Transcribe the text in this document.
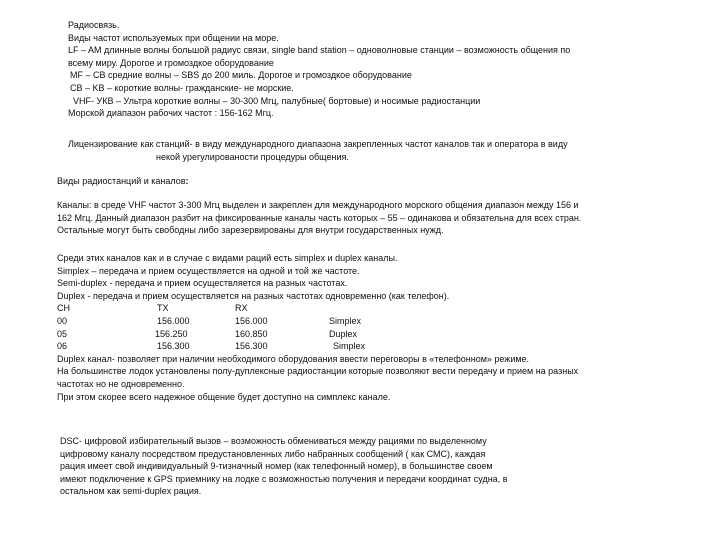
Радиосвязь.
Виды частот используемых при общении на море.
LF – AM длинные волны большой радиус связи, single band station – одноволновые станции – возможность общения по
всему миру. Дорогое и громоздкое оборудование
MF – CB средние волны – SBS до 200 миль. Дорогое и громоздкое оборудование
CB – KB – короткие волны- гражданские- не морские.
VHF- УКВ – Ультра короткие волны – 30-300 Мгц, палубные( бортовые) и носимые радиостанции
Морской диапазон рабочих частот : 156-162 Мгц.
Лицензирование как станций- в виду международного диапазона закрепленных частот каналов так и оператора в виду
некой урегулированости процедуры общения.
Виды радиостанций и каналов:
Каналы: в среде VHF частот 3-300 Мгц выделен и закреплен для международного морского общения диапазон между 156 и
162 Мгц. Данный диапазон разбит на фиксированные каналы часть которых – 55 – одинакова и обязательна для всех стран.
Остальные могут быть свободны либо зарезервированы для внутри государственных нужд.
Среди этих каналов как и в случае с видами раций есть simplex и duplex каналы.
Simplex – передача и прием осуществляется на одной и той же частоте.
Semi-duplex - передача и прием осуществляется на разных частотах.
Duplex - передача и прием осуществляется на разных частотах одновременно (как телефон).
CH	TX	RX
00	156.000	156.000	Simplex
05	156.250	160.850	Duplex
06	156.300	156.300	Simplex
Duplex канал- позволяет при наличии необходимого оборудования ввести переговоры в «телефонном» режиме.
На большинстве лодок установлены полу-дуплексные радиостанции которые позволяют вести передачу и прием на разных
частотах но не одновременно.
При этом скорее всего надежное общение будет доступно на симплекс канале.
DSC- цифровой избирательный вызов – возможность обмениваться между рациями по выделенному
цифровому каналу посредством предустановленных либо набранных сообщений ( как СМС), каждая
рация имеет свой индивидуальный 9-тизначный номер (как телефонный номер), в большинстве своем
имеют подключение к GPS приемнику на лодке с возможностью получения и передачи координат судна, в
остальном как semi-duplex рация.
